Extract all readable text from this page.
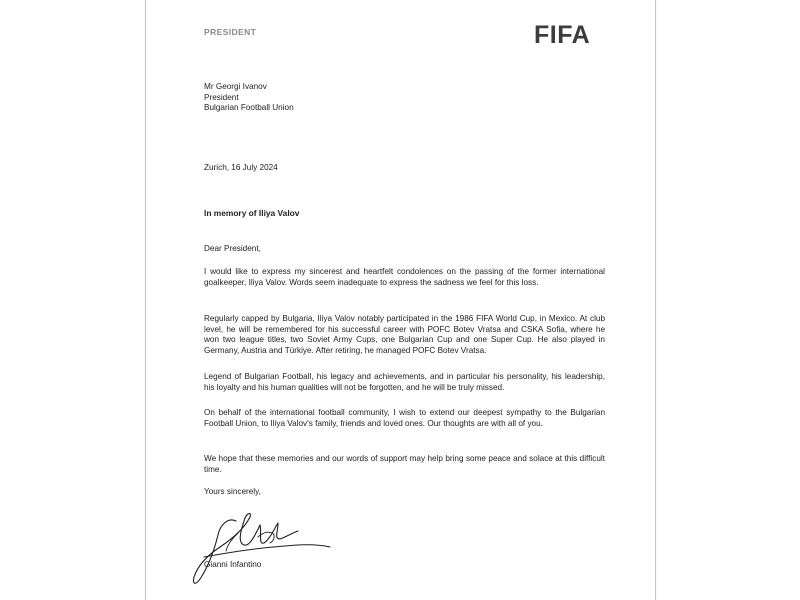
PRESIDENT	FIFA
Mr Georgi Ivanov
President
Bulgarian Football Union
Zurich, 16 July 2024
In memory of Iliya Valov
Dear President,
I would like to express my sincerest and heartfelt condolences on the passing of the former international goalkeeper, Iliya Valov. Words seem inadequate to express the sadness we feel for this loss.
Regularly capped by Bulgaria, Iliya Valov notably participated in the 1986 FIFA World Cup, in Mexico. At club level, he will be remembered for his successful career with POFC Botev Vratsa and CSKA Sofia, where he won two league titles, two Soviet Army Cups, one Bulgarian Cup and one Super Cup. He also played in Germany, Austria and Türkiye. After retiring, he managed POFC Botev Vratsa.
Legend of Bulgarian Football, his legacy and achievements, and in particular his personality, his leadership, his loyalty and his human qualities will not be forgotten, and he will be truly missed.
On behalf of the international football community, I wish to extend our deepest sympathy to the Bulgarian Football Union, to Iliya Valov's family, friends and loved ones. Our thoughts are with all of you.
We hope that these memories and our words of support may help bring some peace and solace at this difficult time.
Yours sincerely,
Gianni Infantino
